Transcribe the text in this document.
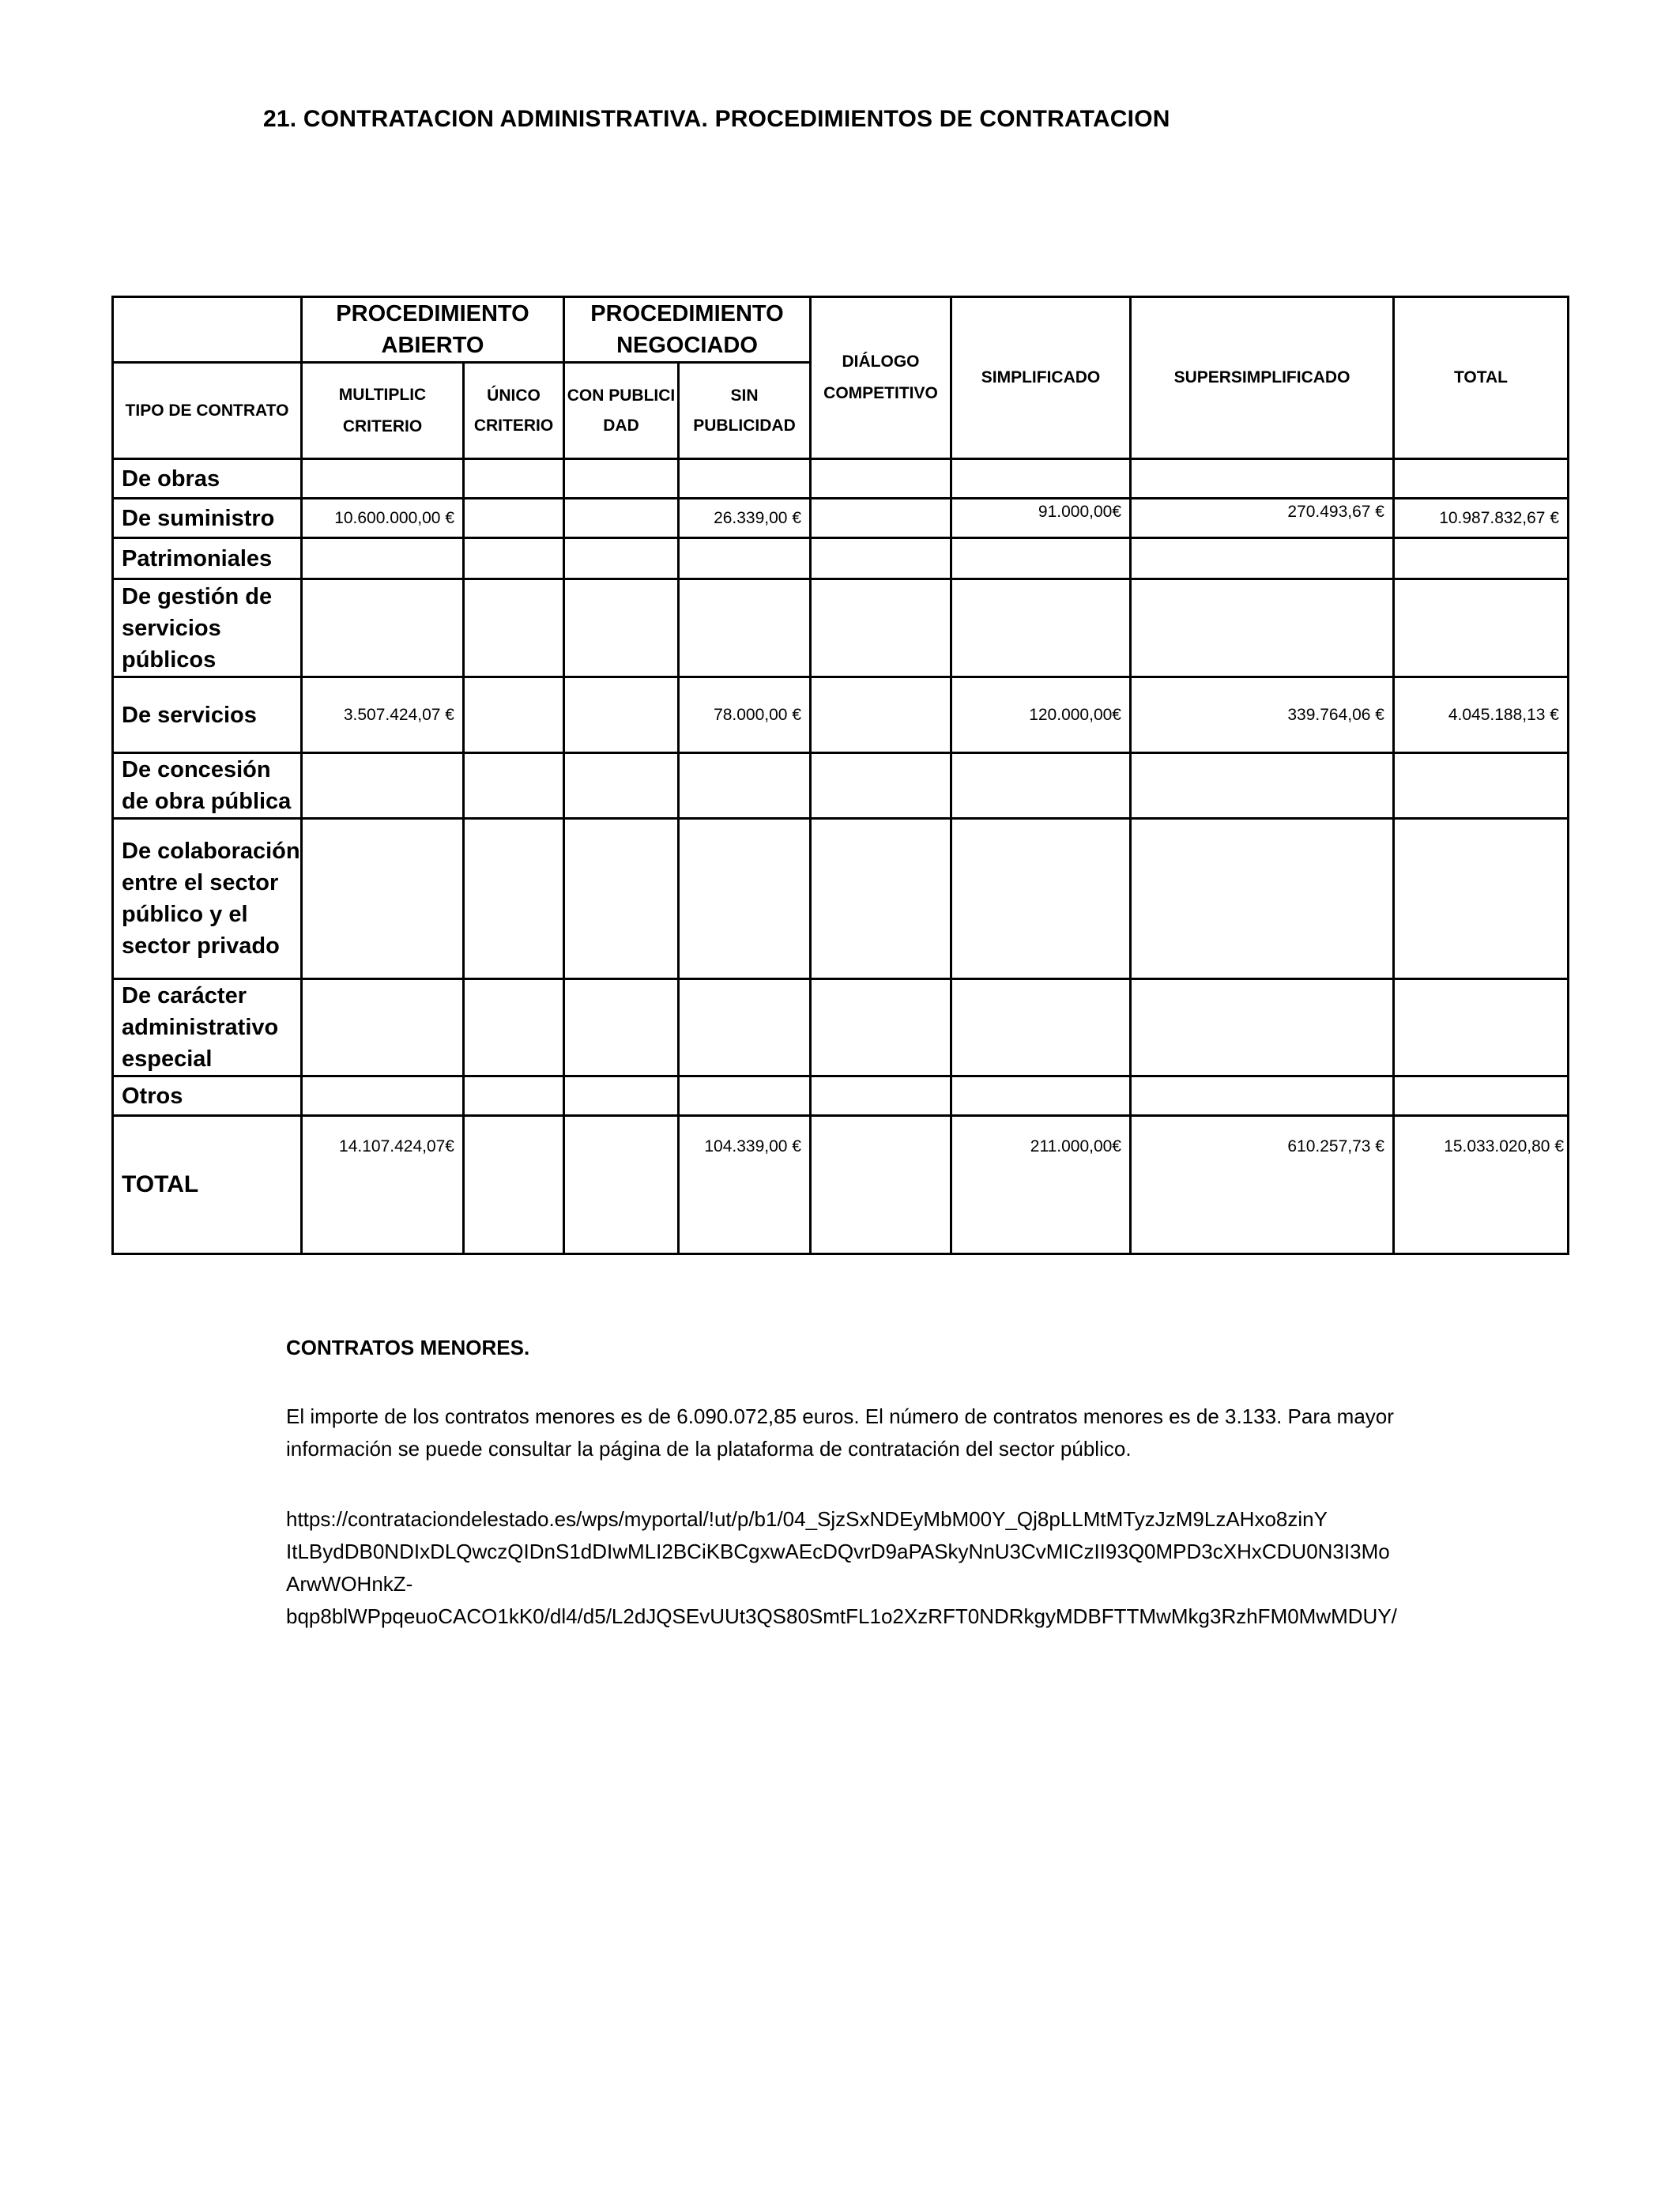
21. CONTRATACION ADMINISTRATIVA. PROCEDIMIENTOS DE CONTRATACION
	PROCEDIMIENTO ABIERTO		PROCEDIMIENTO NEGOCIADO		DIÁLOGO COMPETITIVO	SIMPLIFICADO	SUPERSIMPLIFICADO	TOTAL
TIPO DE CONTRATO	MULTIPLIC CRITERIO	ÚNICO CRITERIO	CON PUBLICI DAD	SIN PUBLICIDAD				
De obras								
De suministro	10.600.000,00 €			26.339,00 €		91.000,00€	270.493,67 €	10.987.832,67 €
Patrimoniales								
De gestión de servicios públicos								
De servicios	3.507.424,07 €			78.000,00 €		120.000,00€	339.764,06 €	4.045.188,13 €
De concesión de obra pública								
De colaboración entre el sector público y el sector privado								
De carácter administrativo especial								
Otros								
TOTAL	14.107.424,07€			104.339,00 €		211.000,00€	610.257,73 €	15.033.020,80 €
CONTRATOS MENORES.
El importe de los contratos menores es de 6.090.072,85 euros. El número de contratos menores es de 3.133. Para mayor información se puede consultar la página de la plataforma de contratación del sector público.
https://contrataciondelestado.es/wps/myportal/!ut/p/b1/04_SjzSxNDEyMbM00Y_Qj8pLLMtMTyzJzM9LzAHxo8zinY
ItLBydDB0NDIxDLQwczQIDnS1dDIwMLI2BCiKBCgxwAEcDQvrD9aPASkyNnU3CvMICzII93Q0MPD3cXHxCDU0N3I3Mo
ArwWOHnkZ-
bqp8blWPpqeuoCACO1kK0/dl4/d5/L2dJQSEvUUt3QS80SmtFL1o2XzRFT0NDRkgyMDBFTTMwMkg3RzhFM0MwMDUY/
